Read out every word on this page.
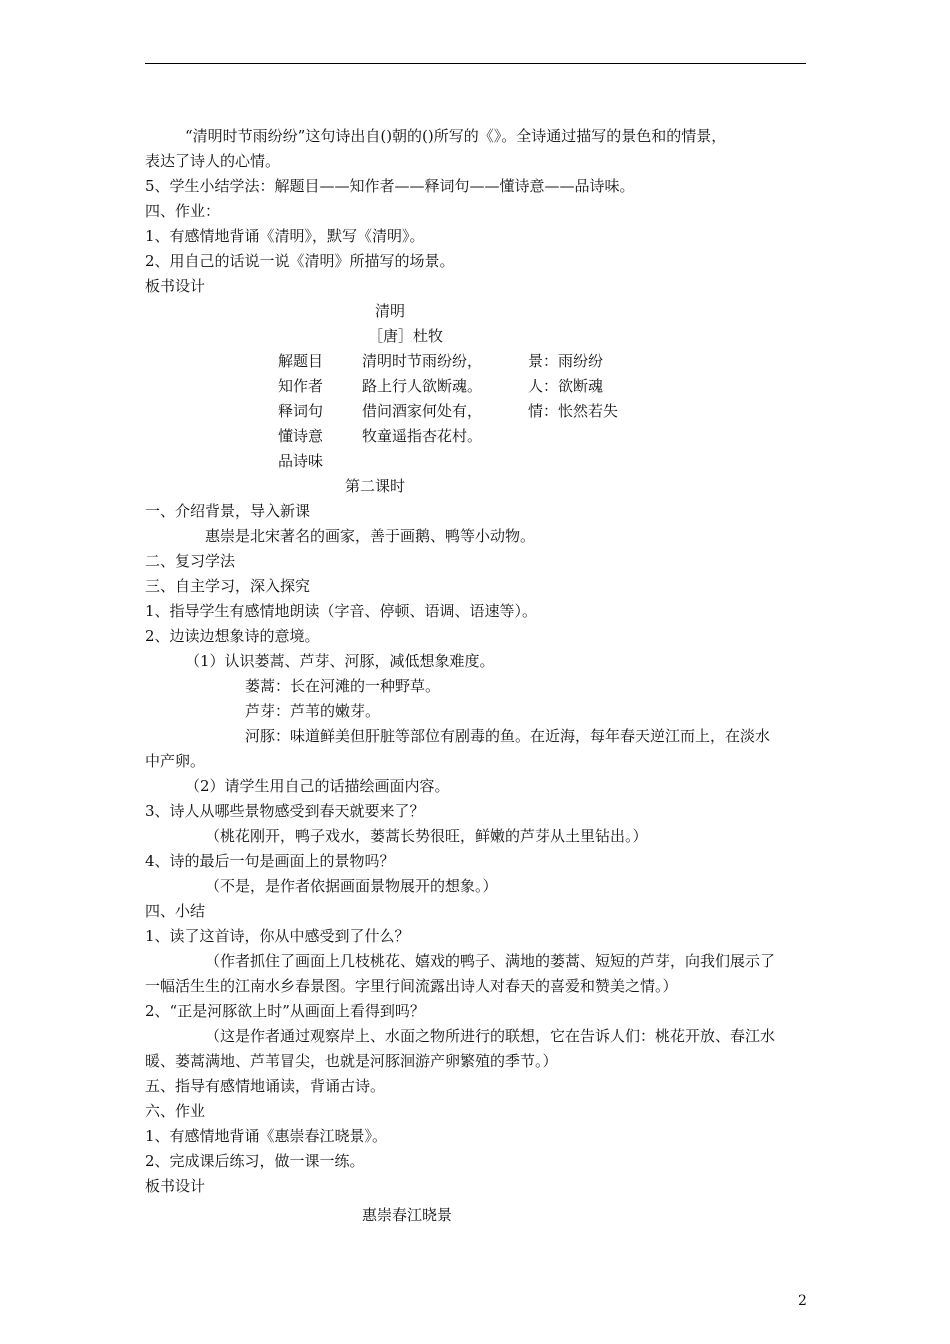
“清明时节雨纷纷”这句诗出自()朝的()所写的《》。全诗通过描写的景色和的情景，
表达了诗人的心情。
5、学生小结学法：解题目——知作者——释词句——懂诗意——品诗味。
四、作业：
1、有感情地背诵《清明》，默写《清明》。
2、用自己的话说一说《清明》所描写的场景。
板书设计
清明
［唐］杜牧
解题目	清明时节雨纷纷，	景：雨纷纷
知作者	路上行人欲断魂。	人：欲断魂
释词句	借问酒家何处有，	情：怅然若失
懂诗意	牧童遥指杏花村。
品诗味
第二课时
一、介绍背景，导入新课
惠崇是北宋著名的画家，善于画鹅、鸭等小动物。
二、复习学法
三、自主学习，深入探究
1、指导学生有感情地朗读（字音、停顿、语调、语速等）。
2、边读边想象诗的意境。
（1）认识蒌蒿、芦芽、河豚，减低想象难度。
蒌蒿：长在河滩的一种野草。
芦芽：芦苇的嫩芽。
河豚：味道鲜美但肝脏等部位有剧毒的鱼。在近海，每年春天逆江而上，在淡水
中产卵。
（2）请学生用自己的话描绘画面内容。
3、诗人从哪些景物感受到春天就要来了？
（桃花刚开，鸭子戏水，蒌蒿长势很旺，鲜嫩的芦芽从土里钻出。）
4、诗的最后一句是画面上的景物吗？
（不是，是作者依据画面景物展开的想象。）
四、小结
1、读了这首诗，你从中感受到了什么？
（作者抓住了画面上几枝桃花、嬉戏的鸭子、满地的蒌蒿、短短的芦芽，向我们展示了
一幅活生生的江南水乡春景图。字里行间流露出诗人对春天的喜爱和赞美之情。）
2、“正是河豚欲上时”从画面上看得到吗？
（这是作者通过观察岸上、水面之物所进行的联想，它在告诉人们：桃花开放、春江水
暖、蒌蒿满地、芦苇冒尖，也就是河豚洄游产卵繁殖的季节。）
五、指导有感情地诵读，背诵古诗。
六、作业
1、有感情地背诵《惠崇春江晓景》。
2、完成课后练习，做一课一练。
板书设计
惠崇春江晓景
2
